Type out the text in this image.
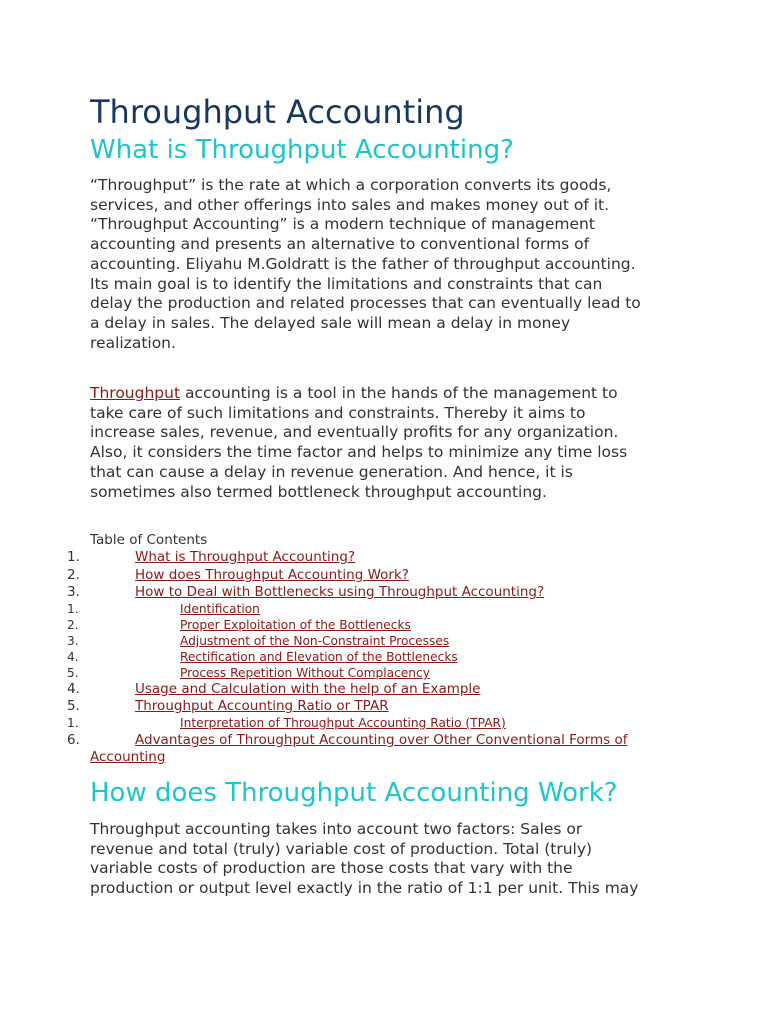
Throughput Accounting
What is Throughput Accounting?

“Throughput” is the rate at which a corporation converts its goods,
services, and other offerings into sales and makes money out of it.
“Throughput Accounting” is a modern technique of management
accounting and presents an alternative to conventional forms of
accounting. Eliyahu M.Goldratt is the father of throughput accounting.
Its main goal is to identify the limitations and constraints that can
delay the production and related processes that can eventually lead to
a delay in sales. The delayed sale will mean a delay in money
realization.

Throughput accounting is a tool in the hands of the management to
take care of such limitations and constraints. Thereby it aims to
increase sales, revenue, and eventually profits for any organization.
Also, it considers the time factor and helps to minimize any time loss
that can cause a delay in revenue generation. And hence, it is
sometimes also termed bottleneck throughput accounting.

Table of Contents
1.	What is Throughput Accounting?
2.	How does Throughput Accounting Work?
3.	How to Deal with Bottlenecks using Throughput Accounting?
1.	Identification
2.	Proper Exploitation of the Bottlenecks
3.	Adjustment of the Non-Constraint Processes
4.	Rectification and Elevation of the Bottlenecks
5.	Process Repetition Without Complacency
4.	Usage and Calculation with the help of an Example
5.	Throughput Accounting Ratio or TPAR
1.	Interpretation of Throughput Accounting Ratio (TPAR)
6.	Advantages of Throughput Accounting over Other Conventional Forms of
Accounting
How does Throughput Accounting Work?

Throughput accounting takes into account two factors: Sales or
revenue and total (truly) variable cost of production. Total (truly)
variable costs of production are those costs that vary with the
production or output level exactly in the ratio of 1:1 per unit. This may
